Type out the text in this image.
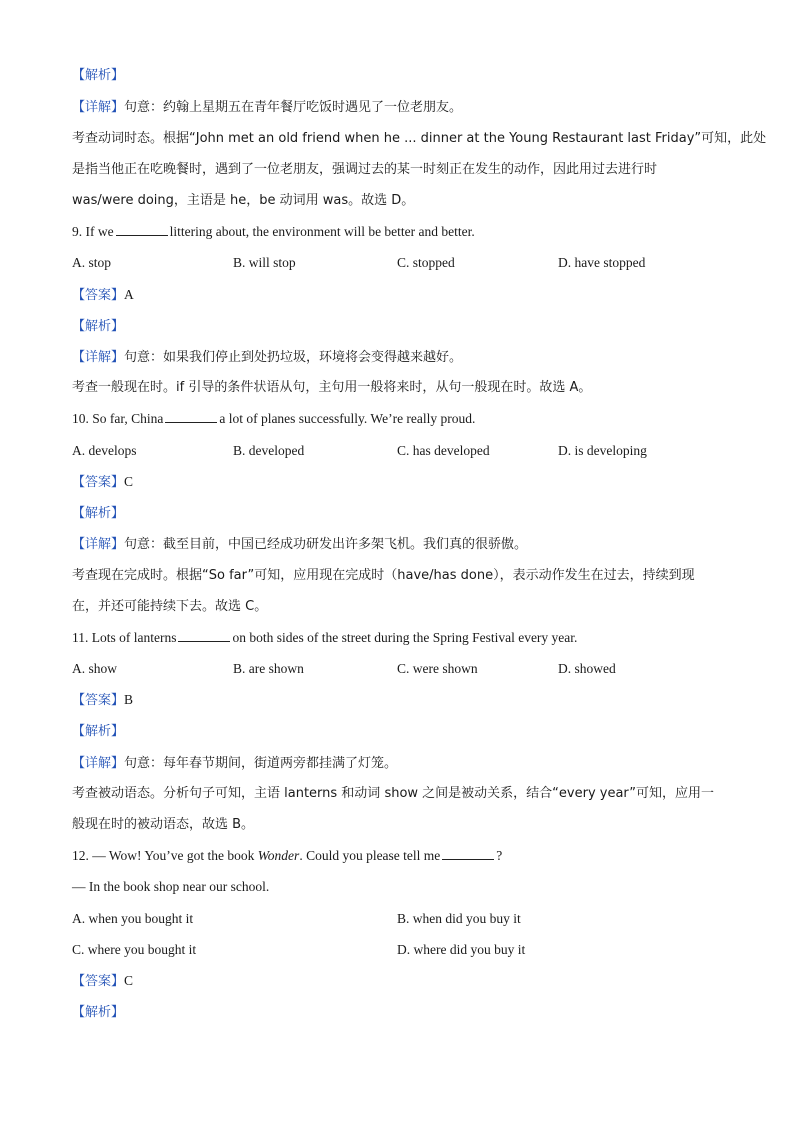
【解析】
【详解】句意：约翰上星期五在青年餐厅吃饭时遇见了一位老朋友。
考查动词时态。根据“John met an old friend when he ... dinner at the Young Restaurant last Friday”可知，此处
是指当他正在吃晚餐时，遇到了一位老朋友，强调过去的某一时刻正在发生的动作，因此用过去进行时
was/were doing，主语是 he，be 动词用 was。故选 D。
9. If we	littering about, the environment will be better and better.
A. stop	B. will stop	C. stopped	D. have stopped
【答案】A
【解析】
【详解】句意：如果我们停止到处扔垃圾，环境将会变得越来越好。
考查一般现在时。if 引导的条件状语从句，主句用一般将来时，从句一般现在时。故选 A。
10. So far, China	a lot of planes successfully. We’re really proud.
A. develops	B. developed	C. has developed	D. is developing
【答案】C
【解析】
【详解】句意：截至目前，中国已经成功研发出许多架飞机。我们真的很骄傲。
考查现在完成时。根据“So far”可知，应用现在完成时（have/has done），表示动作发生在过去，持续到现
在，并还可能持续下去。故选 C。
11. Lots of lanterns	on both sides of the street during the Spring Festival every year.
A. show	B. are shown	C. were shown	D. showed
【答案】B
【解析】
【详解】句意：每年春节期间，街道两旁都挂满了灯笼。
考查被动语态。分析句子可知，主语 lanterns 和动词 show 之间是被动关系，结合“every year”可知，应用一
般现在时的被动语态，故选 B。
12. — Wow! You’ve got the book Wonder. Could you please tell me	?
— In the book shop near our school.
A. when you bought it	B. when did you buy it
C. where you bought it	D. where did you buy it
【答案】C
【解析】
